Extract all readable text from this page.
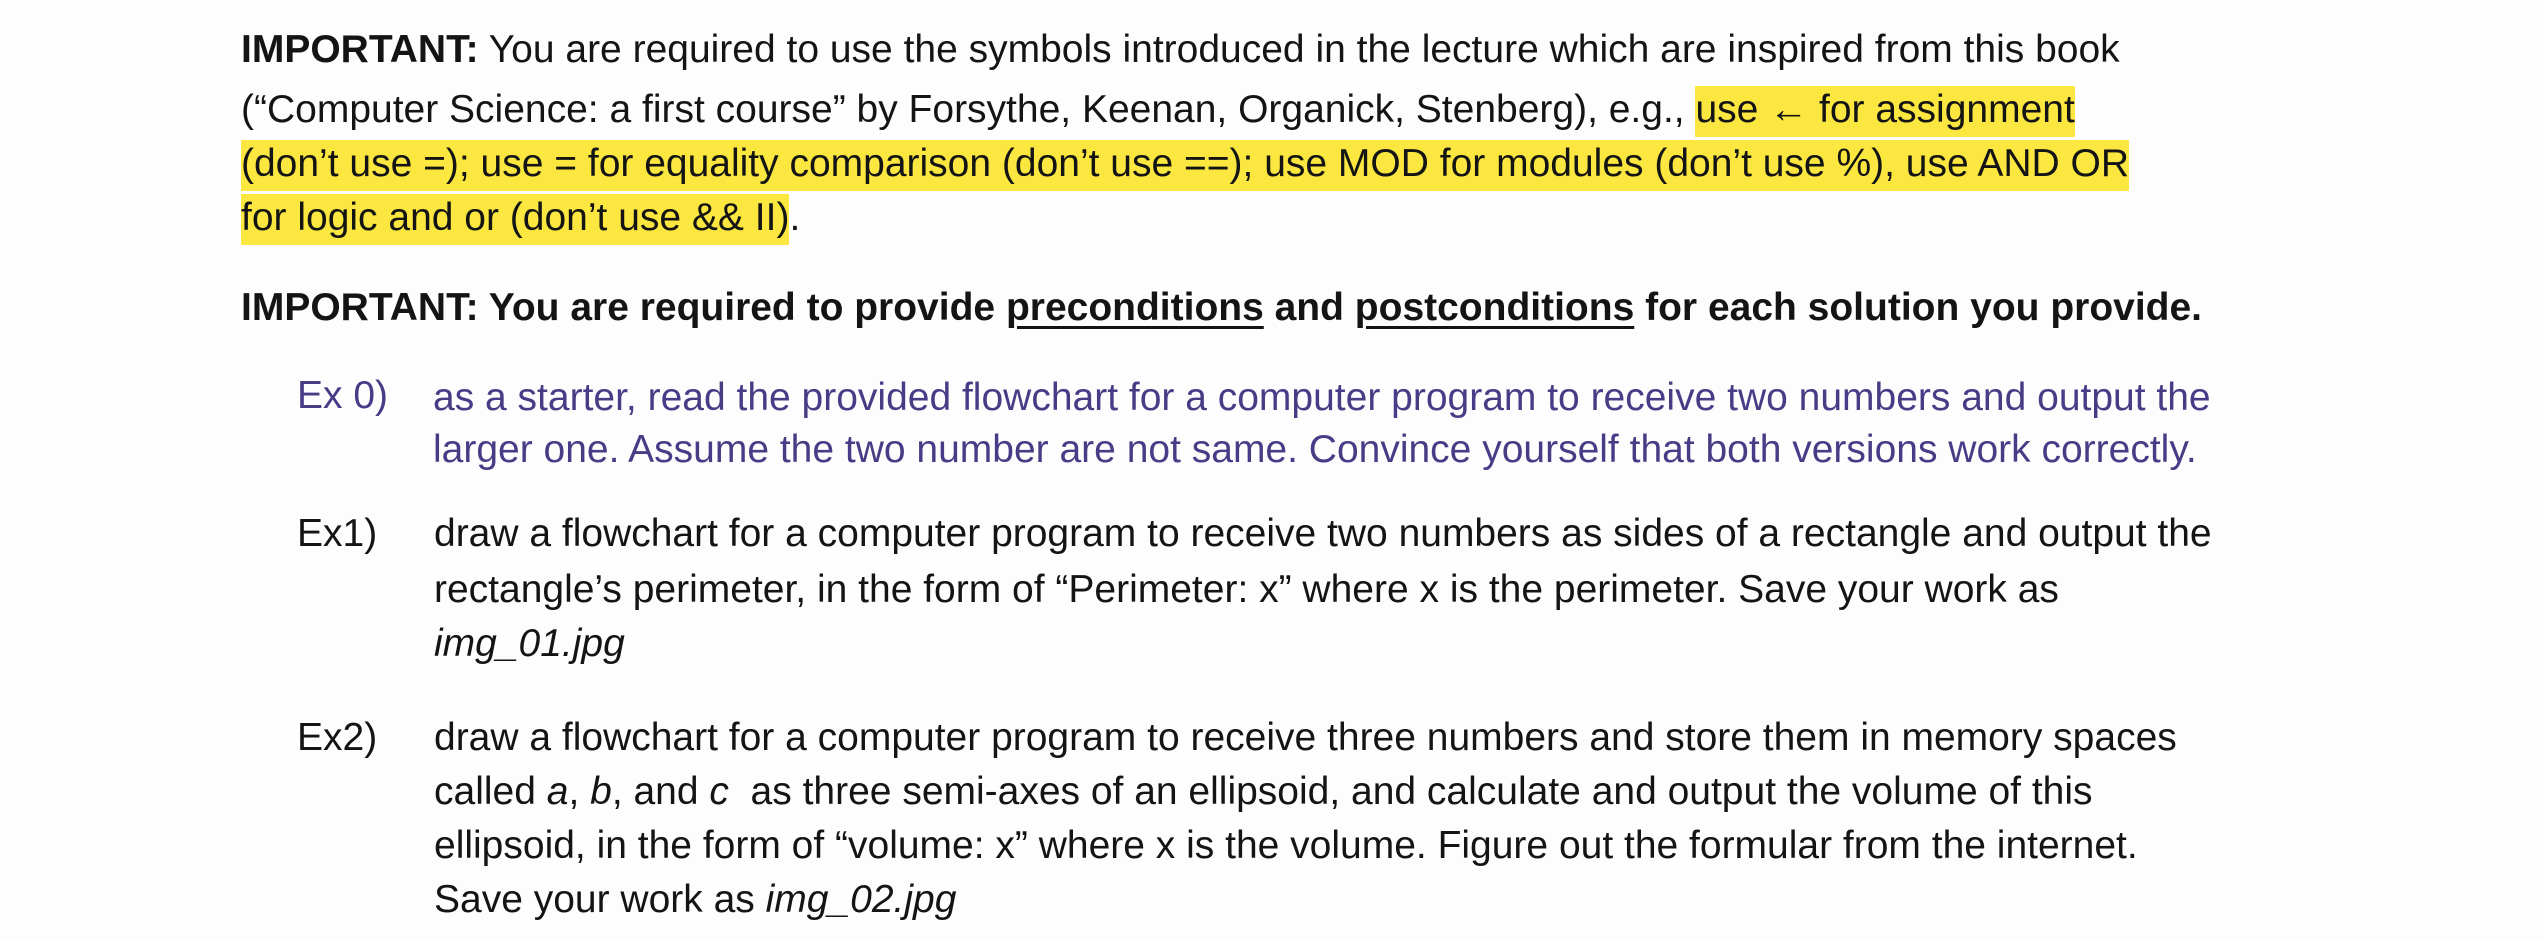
IMPORTANT: You are required to use the symbols introduced in the lecture which are inspired from this book
(“Computer Science: a first course” by Forsythe, Keenan, Organick, Stenberg), e.g., use ← for assignment
(don’t use =); use = for equality comparison (don’t use ==); use MOD for modules (don’t use %), use AND OR
for logic and or (don’t use && II).
IMPORTANT: You are required to provide preconditions and postconditions for each solution you provide.
Ex 0) as a starter, read the provided flowchart for a computer program to receive two numbers and output the
larger one. Assume the two number are not same. Convince yourself that both versions work correctly.
Ex1) draw a flowchart for a computer program to receive two numbers as sides of a rectangle and output the
rectangle’s perimeter, in the form of “Perimeter: x” where x is the perimeter. Save your work as
img_01.jpg
Ex2) draw a flowchart for a computer program to receive three numbers and store them in memory spaces
called a, b, and c  as three semi-axes of an ellipsoid, and calculate and output the volume of this
ellipsoid, in the form of “volume: x” where x is the volume. Figure out the formular from the internet.
Save your work as img_02.jpg
